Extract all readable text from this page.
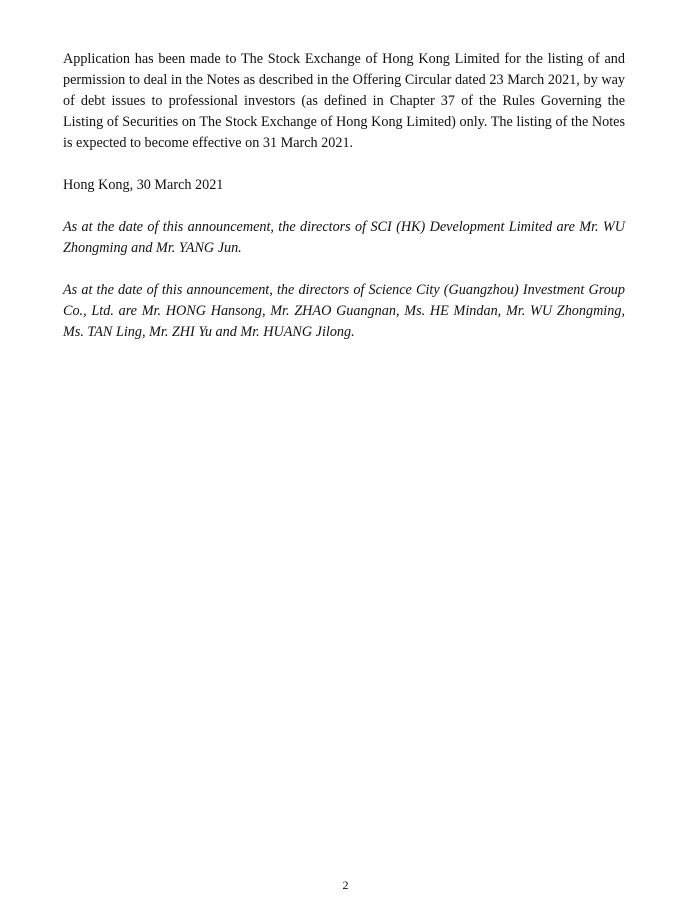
Application has been made to The Stock Exchange of Hong Kong Limited for the listing of and permission to deal in the Notes as described in the Offering Circular dated 23 March 2021, by way of debt issues to professional investors (as defined in Chapter 37 of the Rules Governing the Listing of Securities on The Stock Exchange of Hong Kong Limited) only. The listing of the Notes is expected to become effective on 31 March 2021.

Hong Kong, 30 March 2021

As at the date of this announcement, the directors of SCI (HK) Development Limited are Mr. WU Zhongming and Mr. YANG Jun.

As at the date of this announcement, the directors of Science City (Guangzhou) Investment Group Co., Ltd. are Mr. HONG Hansong, Mr. ZHAO Guangnan, Ms. HE Mindan, Mr. WU Zhongming, Ms. TAN Ling, Mr. ZHI Yu and Mr. HUANG Jilong.

2
